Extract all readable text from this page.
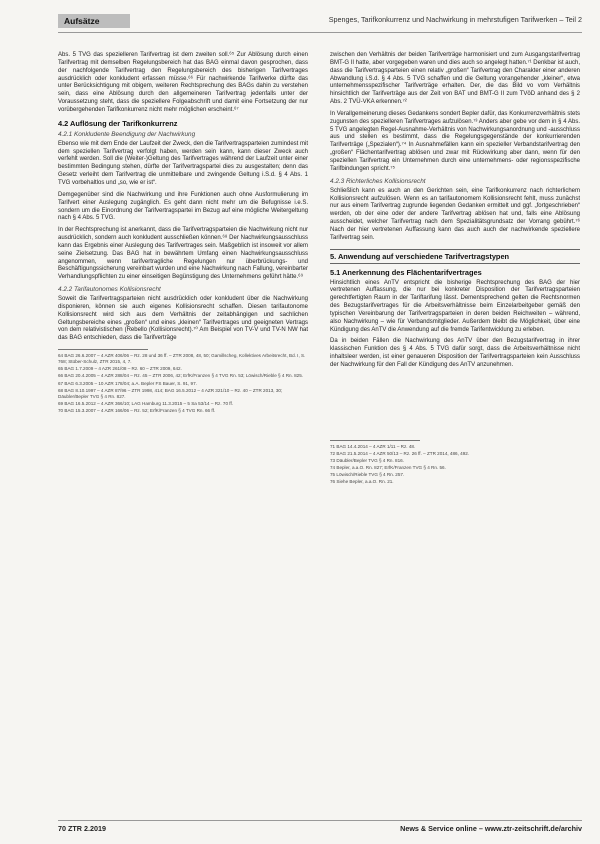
Aufsätze	Spenges, Tarifkonkurrenz und Nachwirkung in mehrstufigen Tarifwerken – Teil 2

Abs. 5 TVG das spezielleren Tarifvertrag ist dem zweiten soll.⁶⁵ Zur Ablösung durch einen Tarifvertrag mit demselben Regelungsbereich hat das BAG einmal davon gesprochen, dass der nachfolgende Tarifvertrag den Regelungsbereich des bisherigen Tarifvertrages ausdrücklich oder konkludent erfassen müsse.⁶⁶ Für nachwirkende Tarifwerke dürfte das unter Berücksichtigung mit obigem, weiteren Rechtsprechung des BAGs dahin zu verstehen sein, dass eine Ablösung durch den allgemeineren Tarifvertrag jedenfalls unter der Voraussetzung steht, dass die speziellere Folgeabschrift und damit eine Fortsetzung der nur vorübergehenden Tarifkonkurrenz nicht mehr möglichen erscheint.⁶⁷

4.2 Auflösung der Tarifkonkurrenz
4.2.1 Konkludente Beendigung der Nachwirkung

Ebenso wie mit dem Ende der Laufzeit der Zweck, den die Tarifvertragsparteien zumindest mit dem speziellen Tarifvertrag verfolgt haben, werden sein kann, kann dieser Zweck auch verfehlt werden. Soll die (Weiter-)Geltung des Tarifvertrages während der Laufzeit unter einer bestimmten Bedingung stehen, dürfte der Tarifvertragspartei dies zu ausgestalten; denn das Gesetz verleiht dem Tarifvertrag die unmittelbare und zwingende Geltung i.S.d. § 4 Abs. 1 TVG vorbehaltlos und „so, wie er ist“.

Demgegenüber sind die Nachwirkung und ihre Funktionen auch ohne Ausformulierung im Tarifvert einer Auslegung zugänglich. Es geht dann nicht mehr um die Befugnisse i.e.S. sondern um die Einordnung der Tarifvertragspartei im Bezug auf eine mögliche Weitergeltung nach § 4 Abs. 5 TVG.

In der Rechtsprechung ist anerkannt, dass die Tarifvertragsparteien die Nachwirkung nicht nur ausdrücklich, sondern auch konkludent ausschließen können.⁶⁸ Der Nachwirkungsausschluss kann das Ergebnis einer Auslegung des Tarifvertrages sein. Maßgeblich ist insoweit vor allem seine Zielsetzung. Das BAG hat in bewährtem Umfang einen Nachwirkungsausschluss angenommen, wenn tarifvertragliche Regelungen nur überbrückungs- und Beschäftigungssicherung vereinbart wurden und eine Nachwirkung nach Fallung, vereinbarter Verhandlungspflichten zu einer einseitigen Begünstigung des Unternehmens geführt hätte.⁶⁹

4.2.2 Tarifautonomes Kollisionsrecht

Soweit die Tarifvertragsparteien nicht ausdrücklich oder konkludent über die Nachwirkung disponieren, können sie auch eigenes Kollisionsrecht schaffen. Diesen tarifautonome Kollisionsrecht wird sich aus dem Verhältnis der zeitabhängigen und sachlichen Geltungsbereiche eines „großen“ und eines „kleinen“ Tarifvertrages und geeigneten Vertrags von dem relativistischen (Rebello (Kollisionsrecht).⁷⁰ Am Beispiel von TV-V und TV-N NW hat das BAG entschieden, dass die Tarifverträge

64 BAG 26.6.2007 – 4 AZR 406/06 – Rz. 28 und 36 ff. – ZTR 2008, 48, 50; Gamillscheg, Kollektives Arbeitsrecht, Bd. I, S. 768; Stüber-Schulz, ZTR 2015, 4, 7.

65 BAG 1.7.2009 – 4 AZR 261/08 – Rz. 60 – ZTR 2009, 642.

66 BAG 20.4.2005 – 4 AZR 288/04 – Rz. 45 – ZTR 2006, 42; ErfK/Franzen § 4 TVG Rn. 53; Löwisch/Rieble § 4 Rn. 825.

67 BAG 6.3.2005 – 10 AZR 178/04; a.A. Bepler FS Bauer, S. 91, 97.

68 BAG 8.10.1997 – 4 AZR 87/96 – ZTR 1998, 414; BAG 16.5.2012 – 4 AZR 321/10 – Rz. 40 – ZTR 2013, 30; Däubler/Bepler TVG § 4 Rn. 827.

69 BAG 16.5.2012 – 4 AZR 366/10; LAG Hamburg 11.3.2015 – 5 Sa 53/14 – Rz. 70 ff.

70 BAG 15.3.2007 – 4 AZR 166/06 – Rz. 52; ErfK/Franzen § 4 TVG Rn. 66 ff.

zwischen den Verhältnis der beiden Tarifverträge harmonisiert und zum Ausgangstarifvertrag BMT-G II hatte, aber vorgegeben waren und dies auch so angelegt hatten.⁷¹ Denkbar ist auch, dass die Tarifvertragsparteien einen relativ „großen“ Tarifvertrag den Charakter einer anderen Abwandlung i.S.d. § 4 Abs. 5 TVG schaffen und die Geltung vorangehender „kleiner“, etwa unternehmensspezifischer Tarifverträge erhalten. Der, die das Bild vo vom Verhältnis hinsichtlich der Tarifverträge aus der Zeit von BAT und BMT-G II zum TVöD anhand des § 2 Abs. 2 TVÜ-VKA erkennen.⁷²

In Verallgemeinerung dieses Gedankens sondert Bepler dafür, das Konkurrenzverhältnis stets zugunsten des spezielleren Tarifvertrages aufzulösen.⁷³ Anders aber gebe vor dem in § 4 Abs. 5 TVG angelegten Regel-Ausnahme-Verhältnis von Nachwirkungsanordnung und -ausschluss aus und stellen es bestimmt, dass die Regelungsgegenstände der konkurrierenden Tarifverträge („Spezialen“).⁷⁴ In Ausnahmefällen kann ein spezieller Verbandstarifvertrag den „großen“ Flächentarifvertrag ablösen und zwar mit Rückwirkung aber dann, wenn für den speziellen Tarifvertrag ein Unternehmen durch eine unternehmens- oder regionsspezifische Tarifbindungen spricht.⁷⁵

4.2.3 Richterliches Kollisionsrecht

Schließlich kann es auch an den Gerichten sein, eine Tarifkonkurrenz nach richterlichem Kollisionsrecht aufzulösen. Wenn es an tarifautonomem Kollisionsrecht fehlt, muss zunächst nur aus einem Tarifvertrag zugrunde liegenden Gedanken ermittelt und ggf. „fortgeschrieben“ werden, ob der eine oder der andere Tarifvertrag ablösen hat und, falls eine Ablösung ausscheidet, welcher Tarifvertrag nach dem Spezialitätsgrundsatz der Vorrang gebührt.⁷⁶ Nach der hier vertretenen Auffassung kann das auch auch der nachwirkende speziellere Tarifvertrag sein.

5. Anwendung auf verschiedene Tarifvertragstypen
5.1 Anerkennung des Flächentarifvertrages

Hinsichtlich eines AnTV entspricht die bisherige Rechtsprechung des BAG der hier vertretenen Auffassung, die nur bei konkreter Disposition der Tarifvertragsparteien gerechtfertigten Raum in der Tariftarifung lässt. Dementsprechend gelten die Rechtsnormen des Bezugstarifvertrages für die Arbeitsverhältnisse beim Einzelarbeitgeber gemäß den typischen Vereinbarung der Tarifvertragsparteien in deren beiden Reichweiten – während, also Nachwirkung – wie für Verbandsmitglieder. Außerdem bleibt die Möglichkeit, über eine Kündigung des AnTV die Anwendung auf die fremde Tarifentwicklung zu erleben.

Da in beiden Fällen die Nachwirkung des AnTV über den Bezugstarifvertrag in ihrer klassischen Funktion des § 4 Abs. 5 TVG dafür sorgt, dass die Arbeitsverhältnisse nicht inhaltsleer werden, ist einer genaueren Disposition der Tarifvertragsparteien kein Ausschluss der Nachwirkung für den Fall der Kündigung des AnTV anzunehmen.

71 BAG 14.4.2014 – 4 AZR 1/11 – Rz. 48.

72 BAG 21.5.2014 – 4 AZR 50/13 – Rz. 26 ff. – ZTR 2014, 486, 492.

73 Däubler/Bepler TVG § 4 Rn. 816.

74 Bepler, a.a.O. Rn. 827; ErfK/Franzen TVG § 4 Rn. 56.

75 Löwisch/Rieble TVG § 4 Rn. 257.

76 Siehe Bepler, a.a.O. Rn. 21.

70 ZTR 2.2019	News & Service online – www.ztr-zeitschrift.de/archiv
